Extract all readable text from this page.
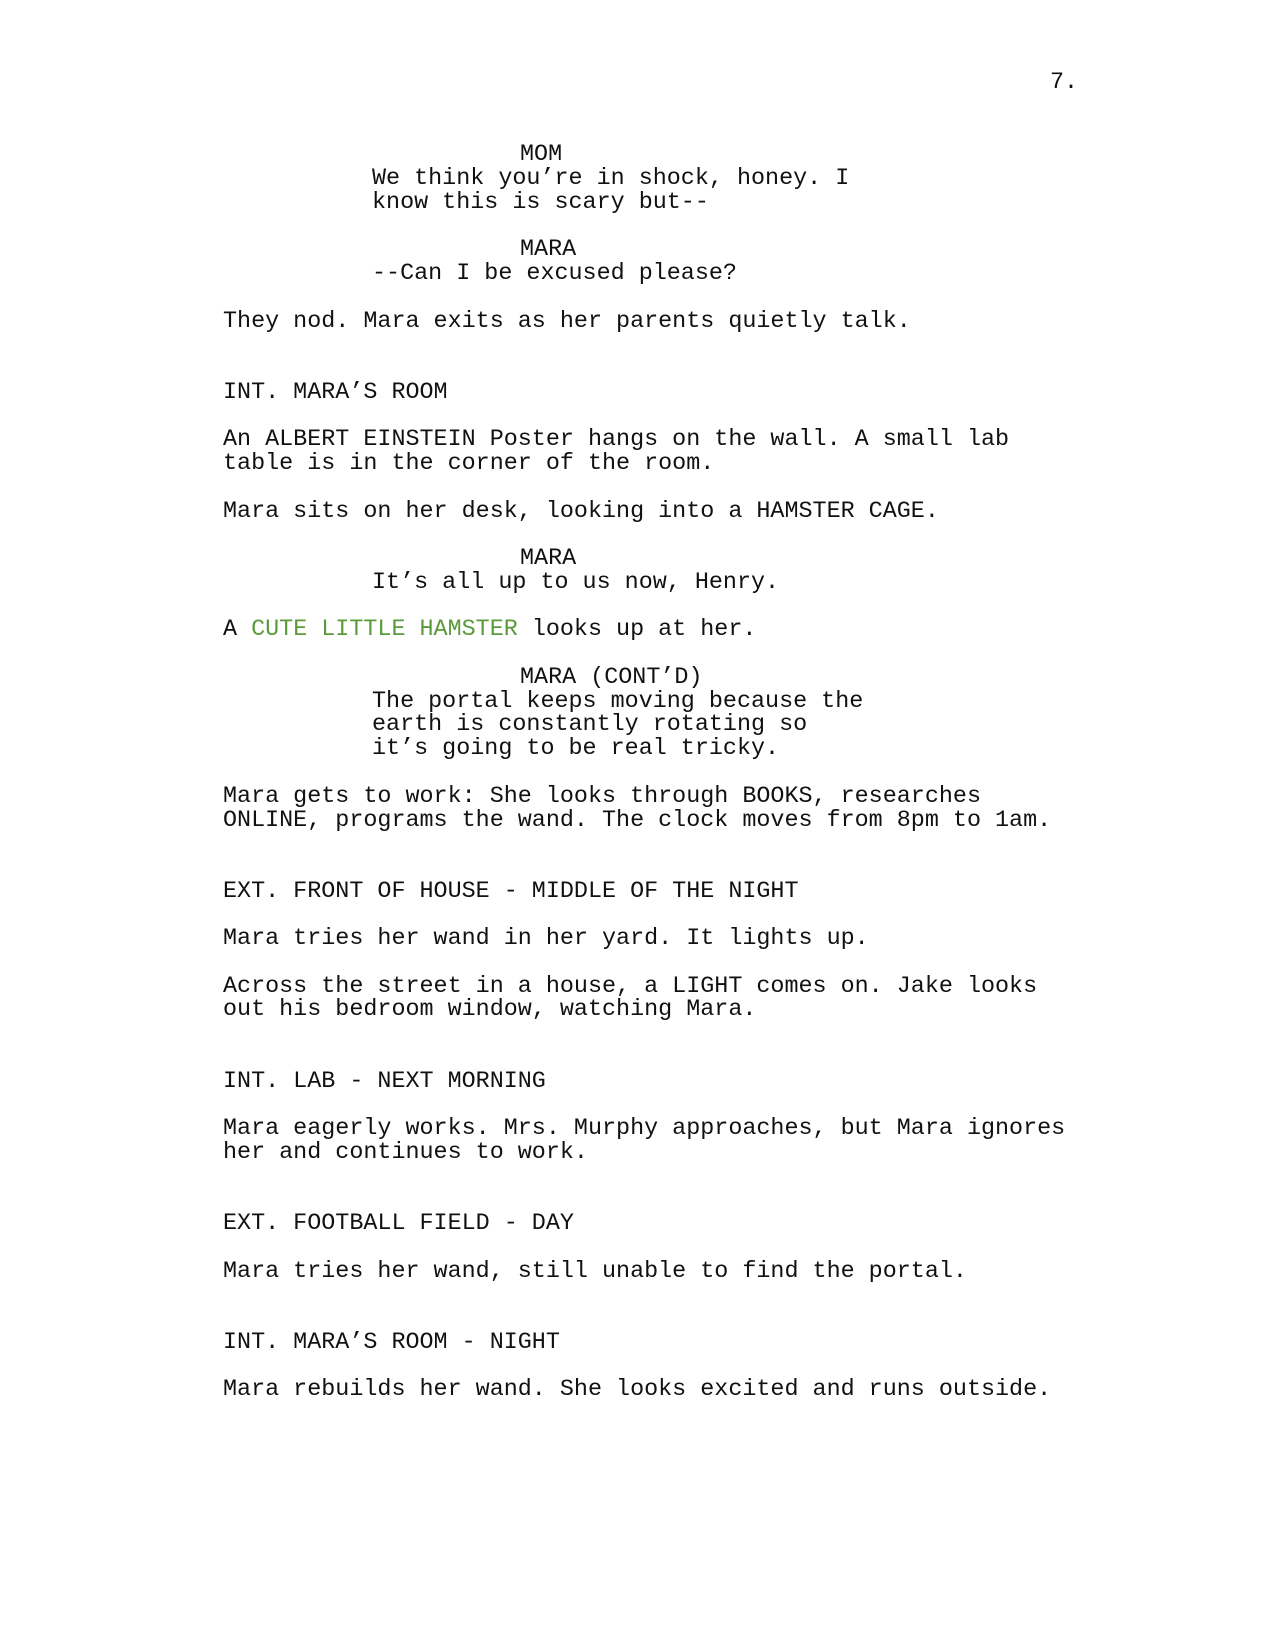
7.
MOM
We think you’re in shock, honey. I
know this is scary but--
MARA
--Can I be excused please?
They nod. Mara exits as her parents quietly talk.
INT. MARA’S ROOM
An ALBERT EINSTEIN Poster hangs on the wall. A small lab
table is in the corner of the room.
Mara sits on her desk, looking into a HAMSTER CAGE.
MARA
It’s all up to us now, Henry.
A CUTE LITTLE HAMSTER looks up at her.
MARA (CONT’D)
The portal keeps moving because the
earth is constantly rotating so
it’s going to be real tricky.
Mara gets to work: She looks through BOOKS, researches
ONLINE, programs the wand. The clock moves from 8pm to 1am.
EXT. FRONT OF HOUSE - MIDDLE OF THE NIGHT
Mara tries her wand in her yard. It lights up.
Across the street in a house, a LIGHT comes on. Jake looks
out his bedroom window, watching Mara.
INT. LAB - NEXT MORNING
Mara eagerly works. Mrs. Murphy approaches, but Mara ignores
her and continues to work.
EXT. FOOTBALL FIELD - DAY
Mara tries her wand, still unable to find the portal.
INT. MARA’S ROOM - NIGHT
Mara rebuilds her wand. She looks excited and runs outside.
